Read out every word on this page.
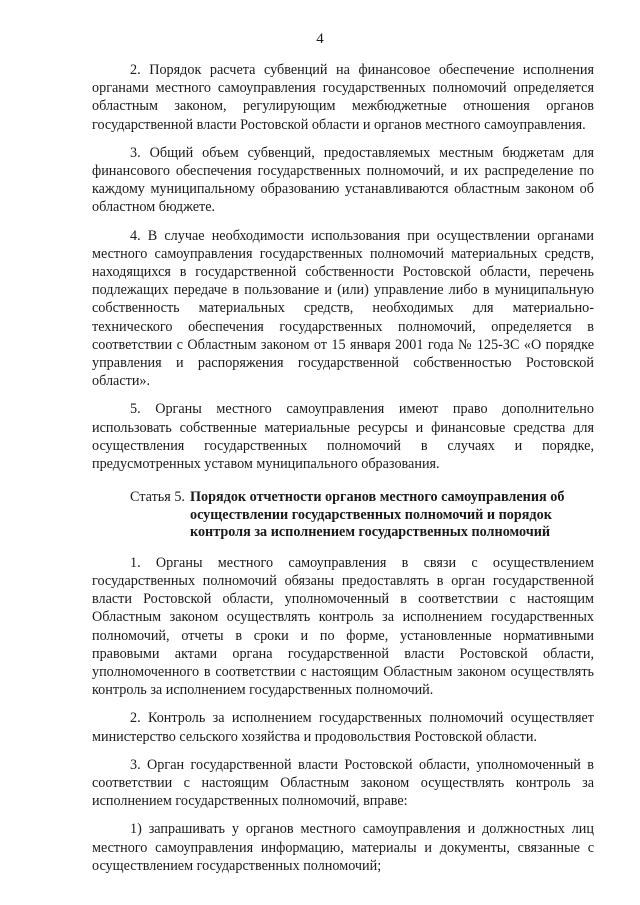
4

2. Порядок расчета субвенций на финансовое обеспечение исполнения органами местного самоуправления государственных полномочий определяется областным законом, регулирующим межбюджетные отношения органов государственной власти Ростовской области и органов местного самоуправления.

3. Общий объем субвенций, предоставляемых местным бюджетам для финансового обеспечения государственных полномочий, и их распределение по каждому муниципальному образованию устанавливаются областным законом об областном бюджете.

4. В случае необходимости использования при осуществлении органами местного самоуправления государственных полномочий материальных средств, находящихся в государственной собственности Ростовской области, перечень подлежащих передаче в пользование и (или) управление либо в муниципальную собственность материальных средств, необходимых для материально-технического обеспечения государственных полномочий, определяется в соответствии с Областным законом от 15 января 2001 года № 125-ЗС «О порядке управления и распоряжения государственной собственностью Ростовской области».

5. Органы местного самоуправления имеют право дополнительно использовать собственные материальные ресурсы и финансовые средства для осуществления государственных полномочий в случаях и порядке, предусмотренных уставом муниципального образования.

Статья 5. Порядок отчетности органов местного самоуправления об осуществлении государственных полномочий и порядок контроля за исполнением государственных полномочий

1. Органы местного самоуправления в связи с осуществлением государственных полномочий обязаны предоставлять в орган государственной власти Ростовской области, уполномоченный в соответствии с настоящим Областным законом осуществлять контроль за исполнением государственных полномочий, отчеты в сроки и по форме, установленные нормативными правовыми актами органа государственной власти Ростовской области, уполномоченного в соответствии с настоящим Областным законом осуществлять контроль за исполнением государственных полномочий.

2. Контроль за исполнением государственных полномочий осуществляет министерство сельского хозяйства и продовольствия Ростовской области.

3. Орган государственной власти Ростовской области, уполномоченный в соответствии с настоящим Областным законом осуществлять контроль за исполнением государственных полномочий, вправе:

1) запрашивать у органов местного самоуправления и должностных лиц местного самоуправления информацию, материалы и документы, связанные с осуществлением государственных полномочий;
